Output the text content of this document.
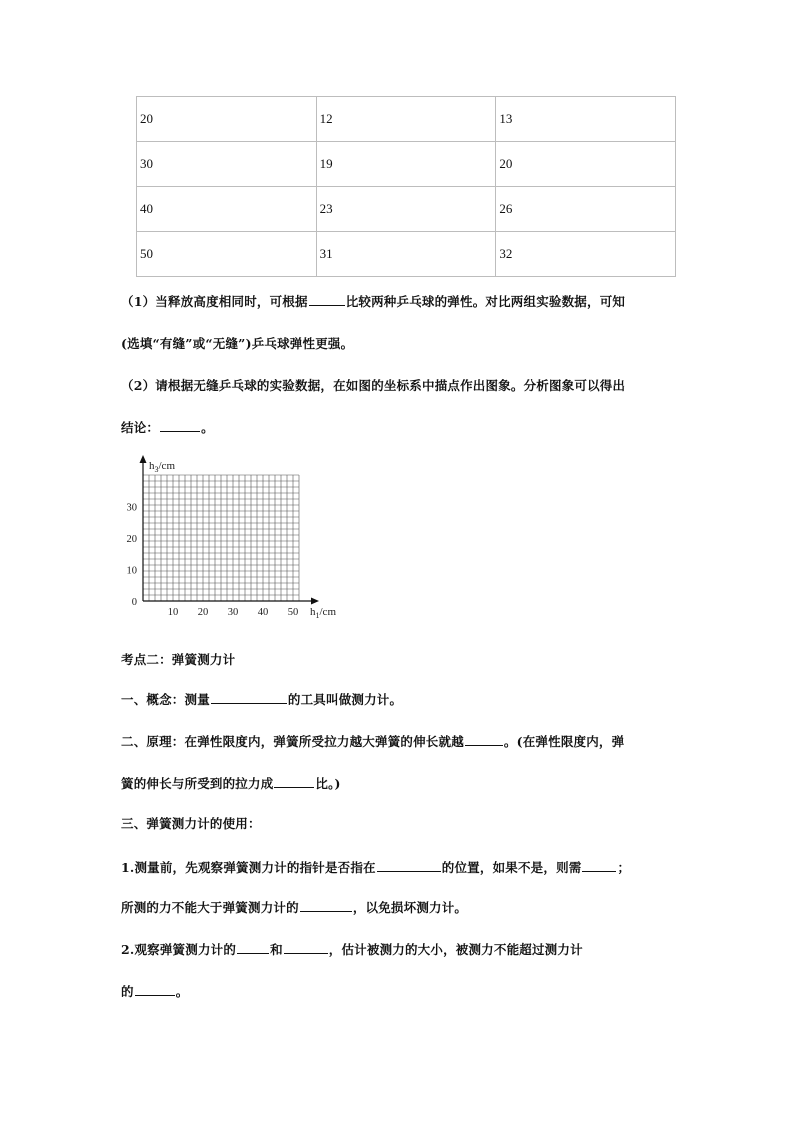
20	12	13
30	19	20
40	23	26
50	31	32
（1）当释放高度相同时，可根据	比较两种乒乓球的弹性。对比两组实验数据，可知
(选填“有缝”或“无缝”)乒乓球弹性更强。
（2）请根据无缝乒乓球的实验数据，在如图的坐标系中描点作出图象。分析图象可以得出
结论：	。
10 20 30 40 50
0
10
20
30
$h_3/cm$
$h_1/cm$
考点二：弹簧测力计
一、概念：测量	的工具叫做测力计。
二、原理：在弹性限度内，弹簧所受拉力越大弹簧的伸长就越	。(在弹性限度内，弹
簧的伸长与所受到的拉力成	比。)
三、弹簧测力计的使用：
1.测量前，先观察弹簧测力计的指针是否指在	的位置，如果不是，则需	；
所测的力不能大于弹簧测力计的	，以免损坏测力计。
2.观察弹簧测力计的	和	，估计被测力的大小，被测力不能超过测力计
的	。
